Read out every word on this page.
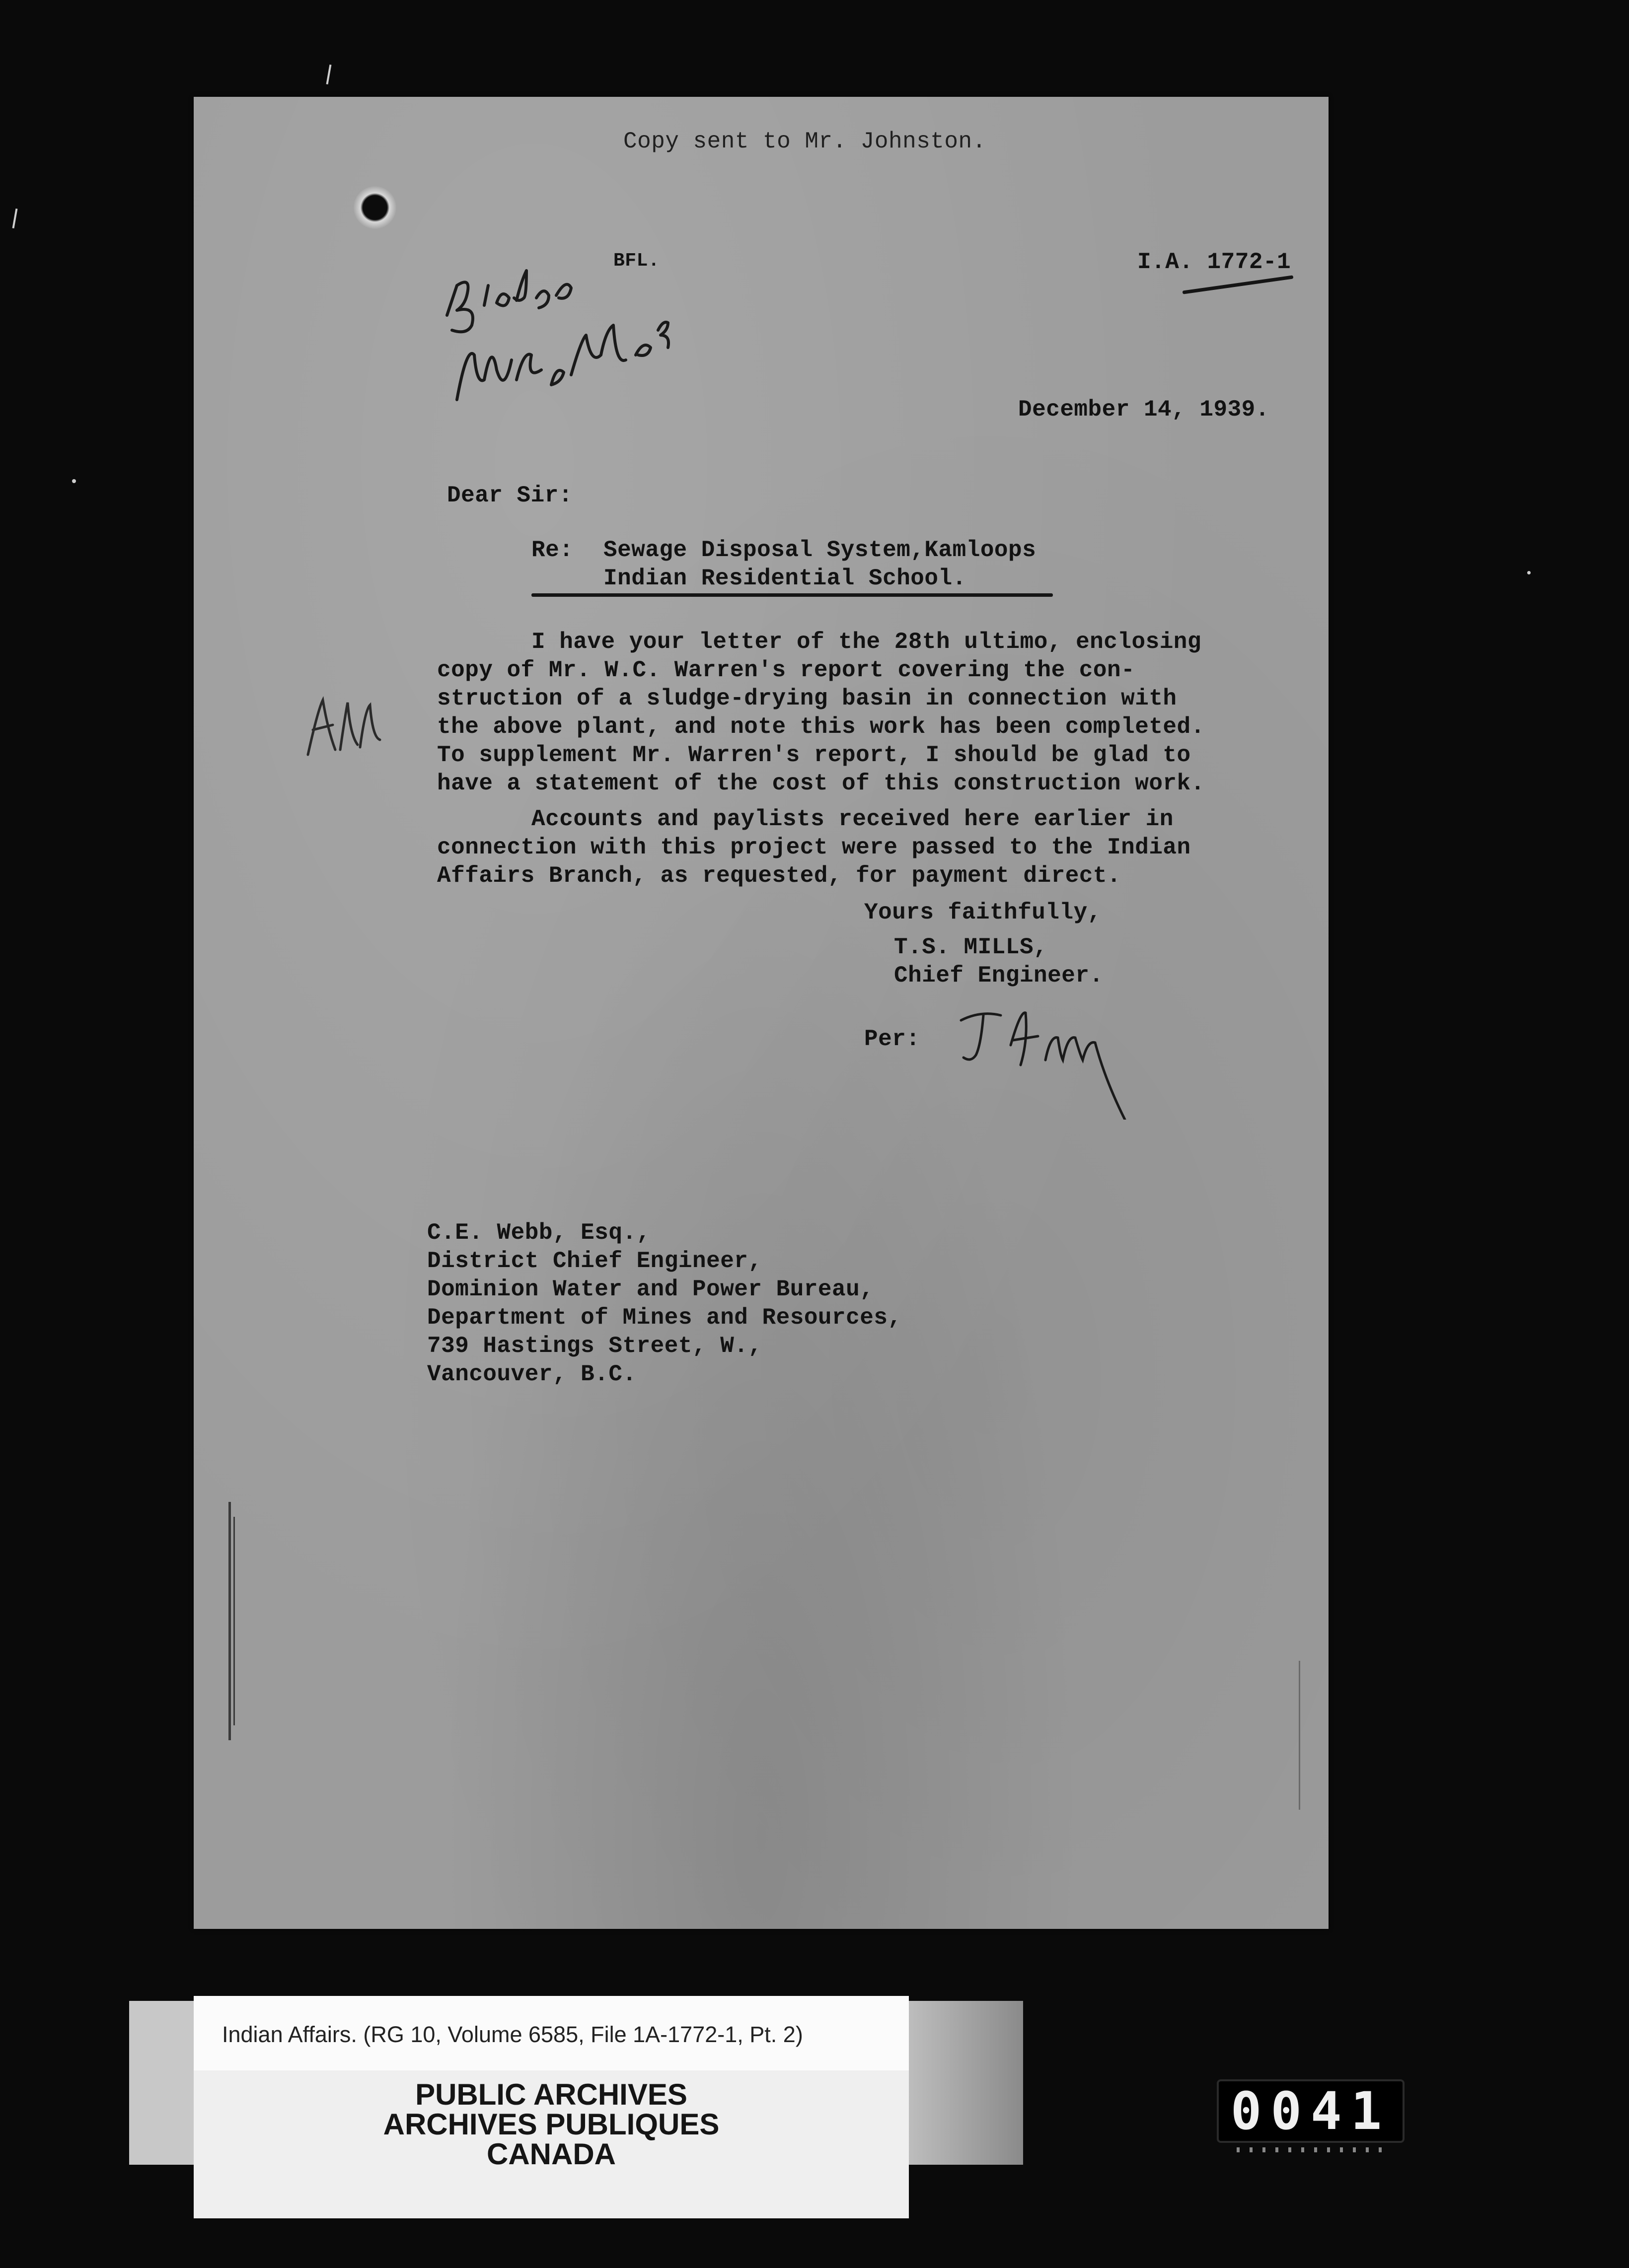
Copy sent to Mr. Johnston.
BFL.	I.A. 1772-1
December 14, 1939.
Dear Sir:
Re: Sewage Disposal System,Kamloops
Indian Residential School.
I have your letter of the 28th ultimo, enclosing
copy of Mr. W.C. Warren's report covering the con-
struction of a sludge-drying basin in connection with
the above plant, and note this work has been completed.
To supplement Mr. Warren's report, I should be glad to
have a statement of the cost of this construction work.
Accounts and paylists received here earlier in
connection with this project were passed to the Indian
Affairs Branch, as requested, for payment direct.
Yours faithfully,
T.S. MILLS,
Chief Engineer.
Per:
C.E. Webb, Esq.,
District Chief Engineer,
Dominion Water and Power Bureau,
Department of Mines and Resources,
739 Hastings Street, W.,
Vancouver, B.C.
Indian Affairs. (RG 10, Volume 6585, File 1A-1772-1, Pt. 2)
PUBLIC ARCHIVES
ARCHIVES PUBLIQUES
CANADA
0041
